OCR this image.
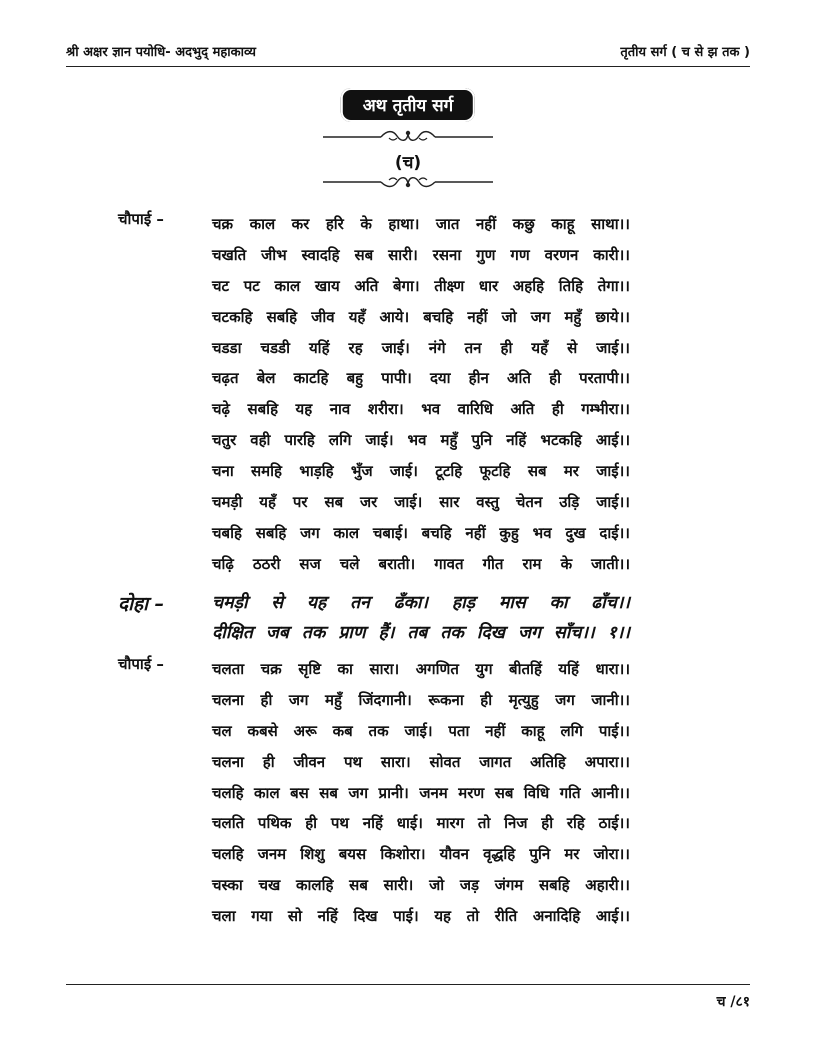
श्री अक्षर ज्ञान पयोधि- अदभुद् महाकाव्य	तृतीय सर्ग ( च से झ तक )
अथ तृतीय सर्ग
(च)
चौपाई –	चक्र काल कर हरि के हाथा। जात नहीं कछु काहू साथा।।
चखति जीभ स्वादहि सब सारी। रसना गुण गण वरणन कारी।।
चट पट काल खाय अति बेगा। तीक्ष्ण धार अहहि तिहि तेगा।।
चटकहि सबहि जीव यहँ आये। बचहि नहीं जो जग महुँ छाये।।
चडडा चडडी यहिं रह जाई। नंगे तन ही यहँ से जाई।।
चढ़त बेल काटहि बहु पापी। दया हीन अति ही परतापी।।
चढ़े सबहि यह नाव शरीरा। भव वारिधि अति ही गम्भीरा।।
चतुर वही पारहि लगि जाई। भव महुँ पुनि नहिं भटकहि आई।।
चना समहि भाड़हि भुँज जाई। टूटहि फूटहि सब मर जाई।।
चमड़ी यहँ पर सब जर जाई। सार वस्तु चेतन उड़ि जाई।।
चबहि सबहि जग काल चबाई। बचहि नहीं कुहु भव दुख दाई।।
चढ़ि ठठरी सज चले बराती। गावत गीत राम के जाती।।
दोहा –	चमड़ी से यह तन ढँका। हाड़ मास का ढाँच।।
दीक्षित जब तक प्राण हैं। तब तक दिख जग साँच।। १।।
चौपाई –	चलता चक्र सृष्टि का सारा। अगणित युग बीतहिं यहिं धारा।।
चलना ही जग महुँ जिंदगानी। रूकना ही मृत्युहु जग जानी।।
चल कबसे अरू कब तक जाई। पता नहीं काहू लगि पाई।।
चलना ही जीवन पथ सारा। सोवत जागत अतिहि अपारा।।
चलहि काल बस सब जग प्रानी। जनम मरण सब विधि गति आनी।।
चलति पथिक ही पथ नहिं धाई। मारग तो निज ही रहि ठाई।।
चलहि जनम शिशु बयस किशोरा। यौवन वृद्धहि पुनि मर जोरा।।
चस्का चख कालहि सब सारी। जो जड़ जंगम सबहि अहारी।।
चला गया सो नहिं दिख पाई। यह तो रीति अनादिहि आई।।
च /८१
